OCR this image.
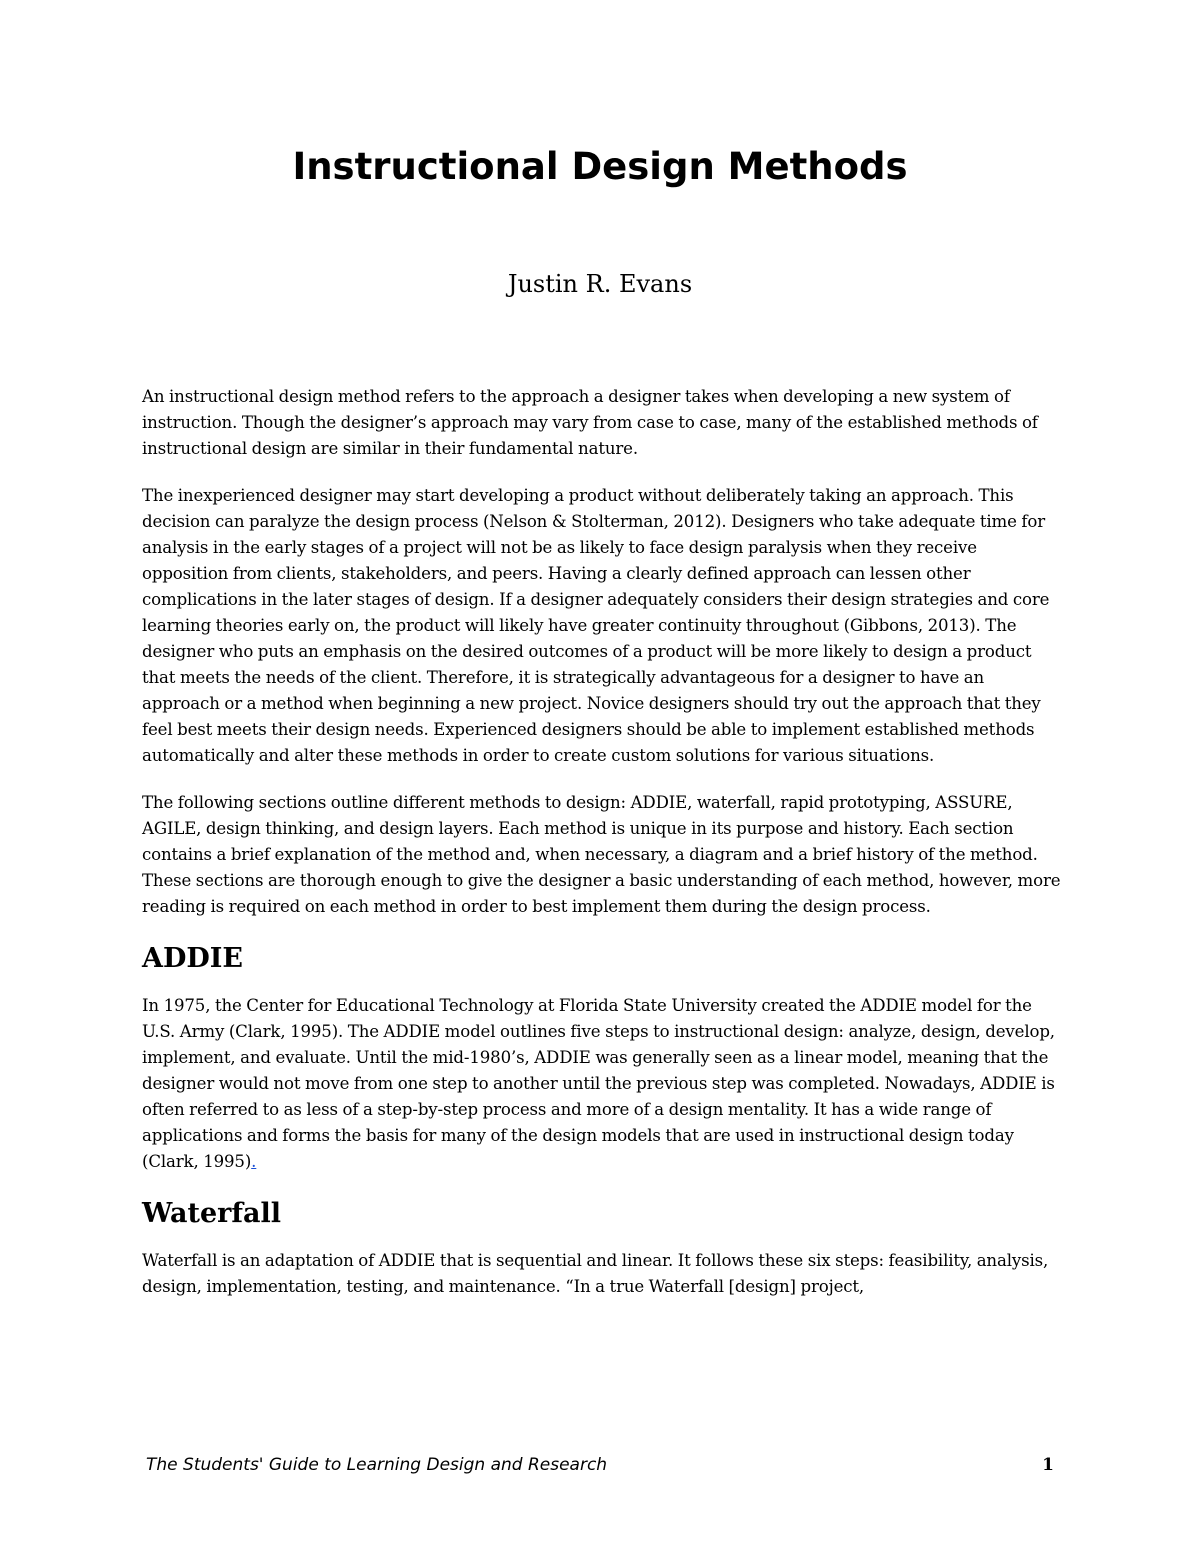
Instructional Design Methods

Justin R. Evans

An instructional design method refers to the approach a designer takes when developing a new system of instruction. Though the designer’s approach may vary from case to case, many of the established methods of instructional design are similar in their fundamental nature.

The inexperienced designer may start developing a product without deliberately taking an approach. This decision can paralyze the design process (Nelson & Stolterman, 2012). Designers who take adequate time for analysis in the early stages of a project will not be as likely to face design paralysis when they receive opposition from clients, stakeholders, and peers. Having a clearly defined approach can lessen other complications in the later stages of design. If a designer adequately considers their design strategies and core learning theories early on, the product will likely have greater continuity throughout (Gibbons, 2013). The designer who puts an emphasis on the desired outcomes of a product will be more likely to design a product that meets the needs of the client. Therefore, it is strategically advantageous for a designer to have an approach or a method when beginning a new project. Novice designers should try out the approach that they feel best meets their design needs. Experienced designers should be able to implement established methods automatically and alter these methods in order to create custom solutions for various situations.

The following sections outline different methods to design: ADDIE, waterfall, rapid prototyping, ASSURE, AGILE, design thinking, and design layers. Each method is unique in its purpose and history. Each section contains a brief explanation of the method and, when necessary, a diagram and a brief history of the method. These sections are thorough enough to give the designer a basic understanding of each method, however, more reading is required on each method in order to best implement them during the design process.

ADDIE

In 1975, the Center for Educational Technology at Florida State University created the ADDIE model for the U.S. Army (Clark, 1995). The ADDIE model outlines five steps to instructional design: analyze, design, develop, implement, and evaluate. Until the mid-1980’s, ADDIE was generally seen as a linear model, meaning that the designer would not move from one step to another until the previous step was completed. Nowadays, ADDIE is often referred to as less of a step-by-step process and more of a design mentality. It has a wide range of applications and forms the basis for many of the design models that are used in instructional design today (Clark, 1995).

Waterfall

Waterfall is an adaptation of ADDIE that is sequential and linear. It follows these six steps: feasibility, analysis, design, implementation, testing, and maintenance. “In a true Waterfall [design] project,

The Students' Guide to Learning Design and Research	1
